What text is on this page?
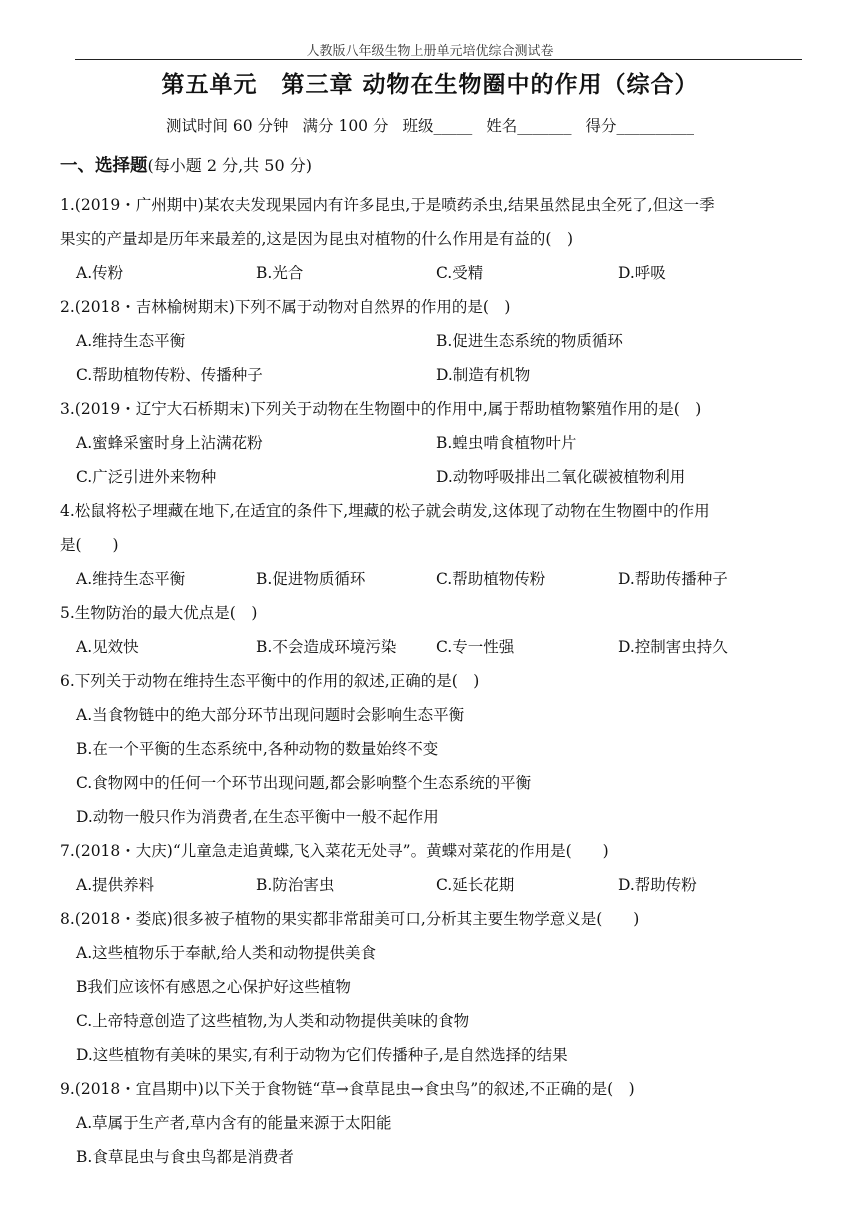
人教版八年级生物上册单元培优综合测试卷
第五单元　第三章 动物在生物圈中的作用（综合）
测试时间 60 分钟 满分 100 分 班级_____ 姓名_______ 得分__________
一、选择题(每小题 2 分,共 50 分)
1.(2019・广州期中)某农夫发现果园内有许多昆虫,于是喷药杀虫,结果虽然昆虫全死了,但这一季
果实的产量却是历年来最差的,这是因为昆虫对植物的什么作用是有益的(　)
A.传粉	B.光合	C.受精	D.呼吸
2.(2018・吉林榆树期末)下列不属于动物对自然界的作用的是(　)
A.维持生态平衡	B.促进生态系统的物质循环
C.帮助植物传粉、传播种子	D.制造有机物
3.(2019・辽宁大石桥期末)下列关于动物在生物圈中的作用中,属于帮助植物繁殖作用的是(　)
A.蜜蜂采蜜时身上沾满花粉	B.蝗虫啃食植物叶片
C.广泛引进外来物种	D.动物呼吸排出二氧化碳被植物利用
4.松鼠将松子埋藏在地下,在适宜的条件下,埋藏的松子就会萌发,这体现了动物在生物圈中的作用
是(　　)
A.维持生态平衡	B.促进物质循环	C.帮助植物传粉	D.帮助传播种子
5.生物防治的最大优点是(　)
A.见效快	B.不会造成环境污染	C.专一性强	D.控制害虫持久
6.下列关于动物在维持生态平衡中的作用的叙述,正确的是(　)
A.当食物链中的绝大部分环节出现问题时会影响生态平衡
B.在一个平衡的生态系统中,各种动物的数量始终不变
C.食物网中的任何一个环节出现问题,都会影响整个生态系统的平衡
D.动物一般只作为消费者,在生态平衡中一般不起作用
7.(2018・大庆)“儿童急走追黄蝶,飞入菜花无处寻”。黄蝶对菜花的作用是(　　)
A.提供养料	B.防治害虫	C.延长花期	D.帮助传粉
8.(2018・娄底)很多被子植物的果实都非常甜美可口,分析其主要生物学意义是(　　)
A.这些植物乐于奉献,给人类和动物提供美食
B我们应该怀有感恩之心保护好这些植物
C.上帝特意创造了这些植物,为人类和动物提供美味的食物
D.这些植物有美味的果实,有利于动物为它们传播种子,是自然选择的结果
9.(2018・宜昌期中)以下关于食物链“草→食草昆虫→食虫鸟”的叙述,不正确的是(　)
A.草属于生产者,草内含有的能量来源于太阳能
B.食草昆虫与食虫鸟都是消费者
